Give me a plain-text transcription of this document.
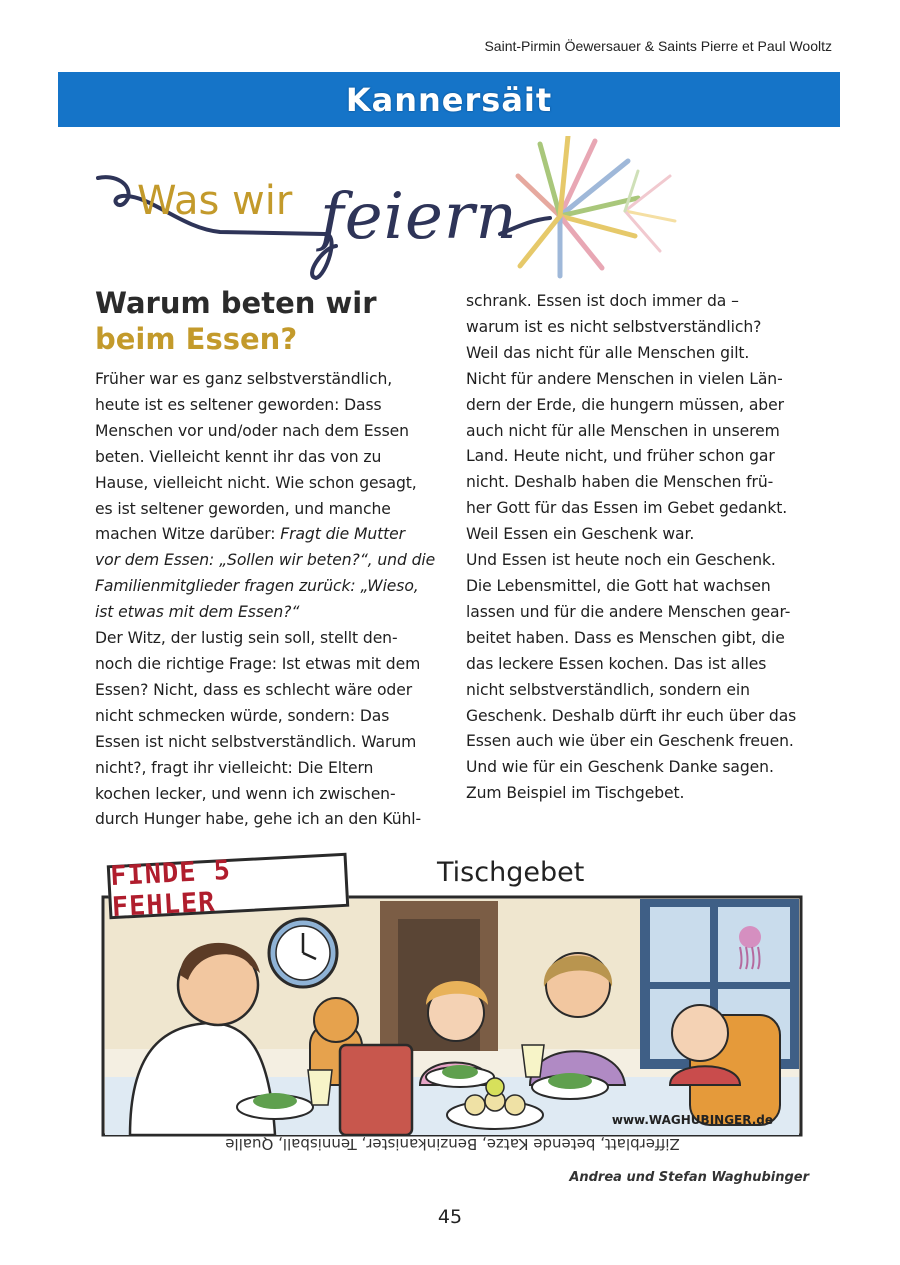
Saint-Pirmin Öewersauer & Saints Pierre et Paul Wooltz
Kannersäit
Was wir feiern
Warum beten wir
beim Essen?
Früher war es ganz selbstverständlich,
heute ist es seltener geworden: Dass
Menschen vor und/oder nach dem Essen
beten. Vielleicht kennt ihr das von zu
Hause, vielleicht nicht. Wie schon gesagt,
es ist seltener geworden, und manche
machen Witze darüber: Fragt die Mutter
vor dem Essen: „Sollen wir beten?“, und die
Familienmitglieder fragen zurück: „Wieso,
ist etwas mit dem Essen?“
Der Witz, der lustig sein soll, stellt den-
noch die richtige Frage: Ist etwas mit dem
Essen? Nicht, dass es schlecht wäre oder
nicht schmecken würde, sondern: Das
Essen ist nicht selbstverständlich. Warum
nicht?, fragt ihr vielleicht: Die Eltern
kochen lecker, und wenn ich zwischen-
durch Hunger habe, gehe ich an den Kühl-
schrank. Essen ist doch immer da –
warum ist es nicht selbstverständlich?
Weil das nicht für alle Menschen gilt.
Nicht für andere Menschen in vielen Län-
dern der Erde, die hungern müssen, aber
auch nicht für alle Menschen in unserem
Land. Heute nicht, und früher schon gar
nicht. Deshalb haben die Menschen frü-
her Gott für das Essen im Gebet gedankt.
Weil Essen ein Geschenk war.
Und Essen ist heute noch ein Geschenk.
Die Lebensmittel, die Gott hat wachsen
lassen und für die andere Menschen gear-
beitet haben. Dass es Menschen gibt, die
das leckere Essen kochen. Das ist alles
nicht selbstverständlich, sondern ein
Geschenk. Deshalb dürft ihr euch über das
Essen auch wie über ein Geschenk freuen.
Und wie für ein Geschenk Danke sagen.
Zum Beispiel im Tischgebet.
FINDE 5 FEHLER
Tischgebet
www.WAGHUBINGER.de
Zifferblatt, betende Katze, Benzinkanister, Tennisball, Qualle
Andrea und Stefan Waghubinger
45
